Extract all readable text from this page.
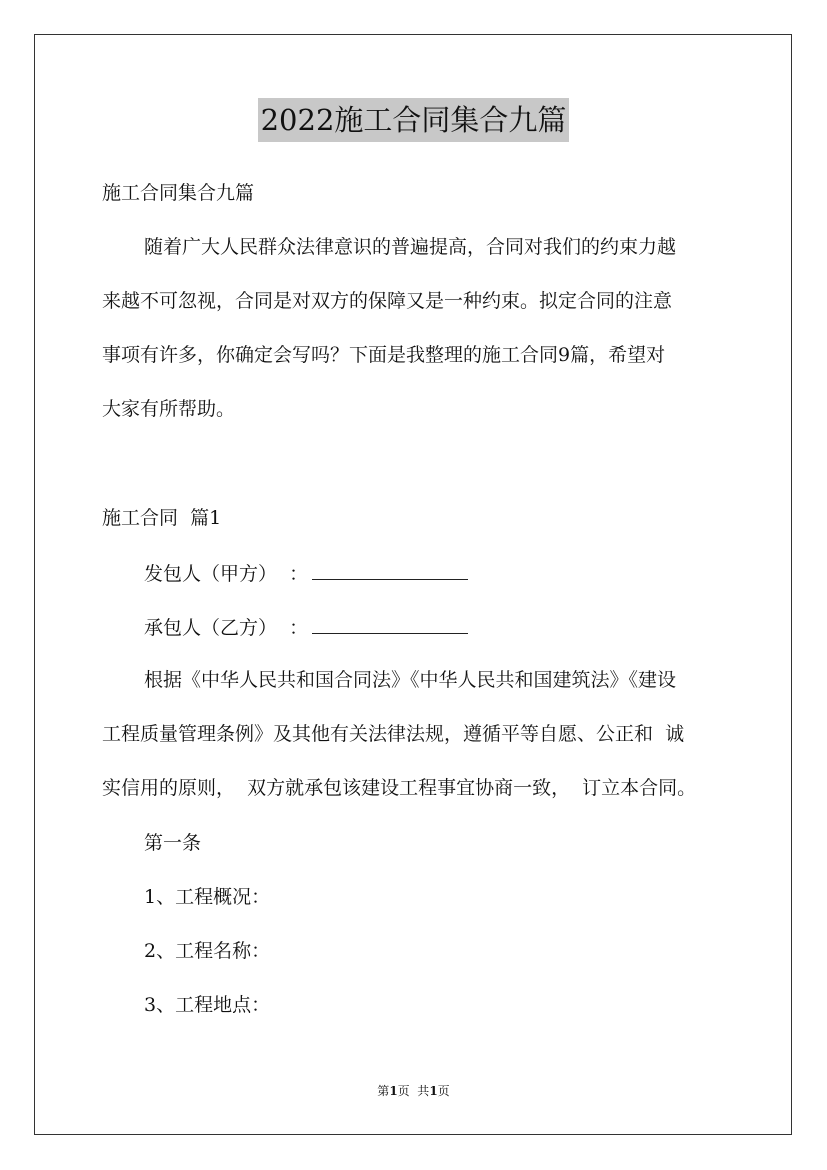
2022施工合同集合九篇
施工合同集合九篇
随着广大人民群众法律意识的普遍提高，合同对我们的约束力越
来越不可忽视，合同是对双方的保障又是一种约束。拟定合同的注意
事项有许多，你确定会写吗？下面是我整理的施工合同9篇，希望对
大家有所帮助。
施工合同  篇1
发包人（甲方）  ：
承包人（乙方）  ：
根据《中华人民共和国合同法》《中华人民共和国建筑法》《建设
工程质量管理条例》及其他有关法律法规，遵循平等自愿、公正和  诚
实信用的原则，  双方就承包该建设工程事宜协商一致，  订立本合同。
第一条
1、工程概况：
2、工程名称：
3、工程地点：
第1页  共1页
